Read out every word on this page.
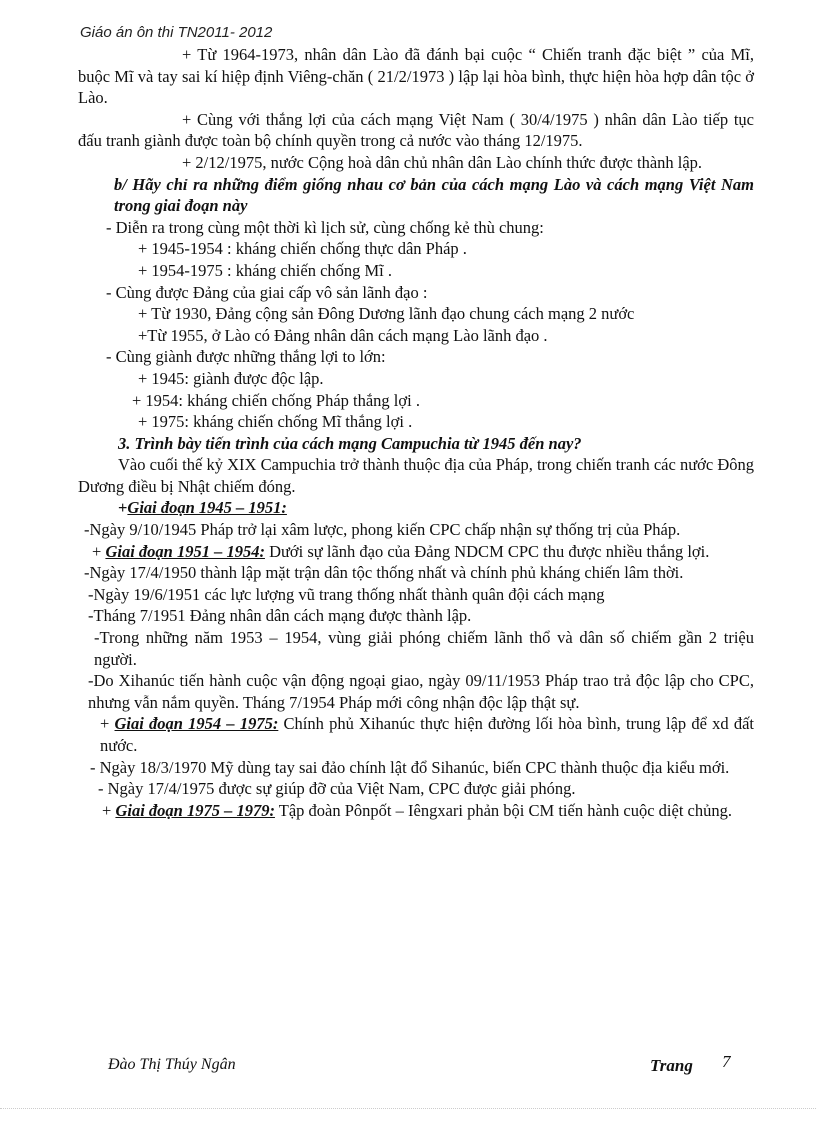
Giáo án ôn thi TN2011- 2012

+ Từ 1964-1973, nhân dân Lào đã đánh bại cuộc “ Chiến tranh đặc biệt ” của Mĩ, buộc Mĩ và tay sai kí hiệp định Viêng-chăn ( 21/2/1973 ) lập lại hòa bình, thực hiện hòa hợp dân tộc ở Lào.

+ Cùng với thắng lợi của cách mạng Việt Nam ( 30/4/1975 ) nhân dân Lào tiếp tục đấu tranh giành được toàn bộ chính quyền trong cả nước vào tháng 12/1975.

+ 2/12/1975, nước Cộng hoà dân chủ nhân dân Lào chính thức được thành lập.

b/ Hãy chỉ ra những điểm giống nhau cơ bản của cách mạng Lào và cách mạng Việt Nam trong giai đoạn này

- Diễn ra trong cùng một thời kì lịch sử, cùng chống kẻ thù chung:

+ 1945-1954 : kháng chiến chống thực dân Pháp .

+ 1954-1975 : kháng chiến chống Mĩ .

- Cùng được Đảng của giai cấp vô sản lãnh đạo :

+ Từ 1930, Đảng cộng sản Đông Dương lãnh đạo chung cách mạng 2 nước

+Từ 1955, ở Lào có Đảng nhân dân cách mạng Lào lãnh đạo .

- Cùng giành được những thắng lợi to lớn:

+ 1945: giành được độc lập.

+ 1954: kháng chiến chống Pháp thắng lợi .

+ 1975: kháng chiến chống Mĩ thắng lợi .

3. Trình bày tiến trình của cách mạng Campuchia từ 1945 đến nay?

Vào cuối thế kỷ XIX Campuchia trở thành thuộc địa của Pháp, trong chiến tranh các nước Đông Dương điều bị Nhật chiếm đóng.

+Giai đoạn 1945 – 1951:

-Ngày 9/10/1945 Pháp trở lại xâm lược, phong kiến CPC chấp nhận sự thống trị của Pháp.

+ Giai đoạn 1951 – 1954: Dưới sự lãnh đạo của Đảng NDCM CPC thu được nhiều thắng lợi.

-Ngày 17/4/1950 thành lập mặt trận dân tộc thống nhất và chính phủ kháng chiến lâm thời.

-Ngày 19/6/1951 các lực lượng vũ trang thống nhất thành quân đội cách mạng

-Tháng 7/1951 Đảng nhân dân cách mạng được thành lập.

-Trong những năm 1953 – 1954, vùng giải phóng chiếm lãnh thổ và dân số chiếm gần 2 triệu người.

-Do Xihanúc tiến hành cuộc vận động ngoại giao, ngày 09/11/1953 Pháp trao trả độc lập cho CPC, nhưng vẫn nắm quyền. Tháng 7/1954 Pháp mới công nhận độc lập thật sự.

+ Giai đoạn 1954 – 1975: Chính phủ Xihanúc thực hiện đường lối hòa bình, trung lập để xd đất nước.

- Ngày 18/3/1970 Mỹ dùng tay sai đảo chính lật đổ Sihanúc, biến CPC thành thuộc địa kiểu mới.

- Ngày 17/4/1975 được sự giúp đỡ của Việt Nam, CPC được giải phóng.

+ Giai đoạn 1975 – 1979: Tập đoàn Pônpốt – Iêngxari phản bội CM tiến hành cuộc diệt chủng.

Đào Thị Thúy Ngân	Trang 7
